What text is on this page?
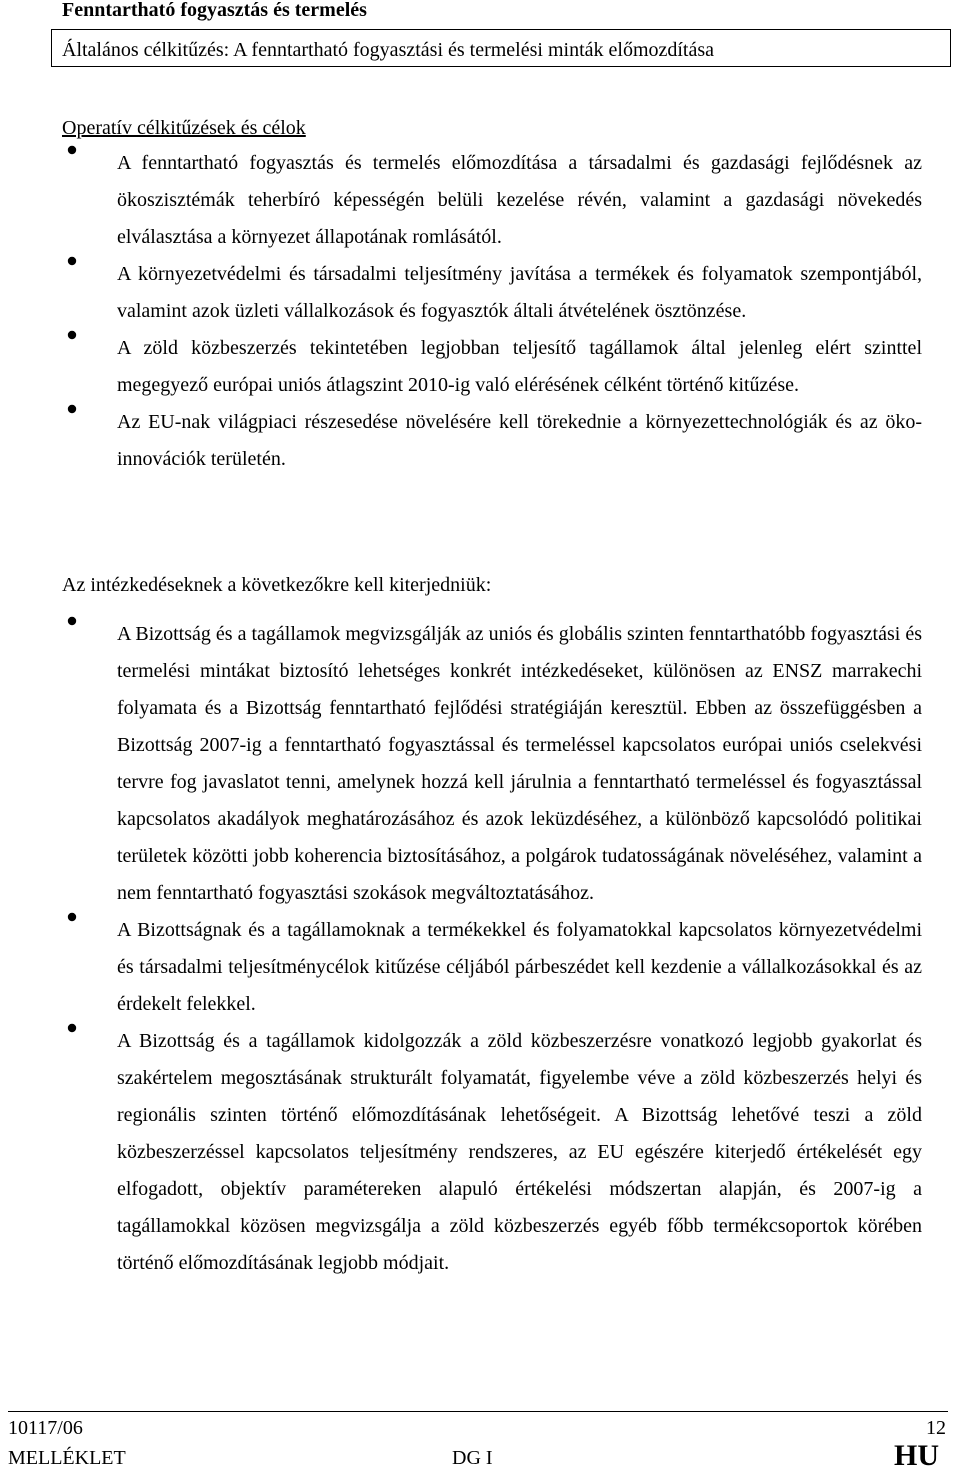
Fenntartható fogyasztás és termelés
Általános célkitűzés: A fenntartható fogyasztási és termelési minták előmozdítása
Operatív célkitűzések és célok
A fenntartható fogyasztás és termelés előmozdítása a társadalmi és gazdasági fejlődésnek az ökoszisztémák teherbíró képességén belüli kezelése révén, valamint a gazdasági növekedés elválasztása a környezet állapotának romlásától.
A környezetvédelmi és társadalmi teljesítmény javítása a termékek és folyamatok szempontjából, valamint azok üzleti vállalkozások és fogyasztók általi átvételének ösztönzése.
A zöld közbeszerzés tekintetében legjobban teljesítő tagállamok által jelenleg elért szinttel megegyező európai uniós átlagszint 2010-ig való elérésének célként történő kitűzése.
Az EU-nak világpiaci részesedése növelésére kell törekednie a környezettechnológiák és az öko-innovációk területén.
Az intézkedéseknek a következőkre kell kiterjedniük:
A Bizottság és a tagállamok megvizsgálják az uniós és globális szinten fenntarthatóbb fogyasztási és termelési mintákat biztosító lehetséges konkrét intézkedéseket, különösen az ENSZ marrakechi folyamata és a Bizottság fenntartható fejlődési stratégiáján keresztül. Ebben az összefüggésben a Bizottság 2007-ig a fenntartható fogyasztással és termeléssel kapcsolatos európai uniós cselekvési tervre fog javaslatot tenni, amelynek hozzá kell járulnia a fenntartható termeléssel és fogyasztással kapcsolatos akadályok meghatározásához és azok leküzdéséhez, a különböző kapcsolódó politikai területek közötti jobb koherencia biztosításához, a polgárok tudatosságának növeléséhez, valamint a nem fenntartható fogyasztási szokások megváltoztatásához.
A Bizottságnak és a tagállamoknak a termékekkel és folyamatokkal kapcsolatos környezetvédelmi és társadalmi teljesítménycélok kitűzése céljából párbeszédet kell kezdenie a vállalkozásokkal és az érdekelt felekkel.
A Bizottság és a tagállamok kidolgozzák a zöld közbeszerzésre vonatkozó legjobb gyakorlat és szakértelem megosztásának strukturált folyamatát, figyelembe véve a zöld közbeszerzés helyi és regionális szinten történő előmozdításának lehetőségeit. A Bizottság lehetővé teszi a zöld közbeszerzéssel kapcsolatos teljesítmény rendszeres, az EU egészére kiterjedő értékelését egy elfogadott, objektív paramétereken alapuló értékelési módszertan alapján, és 2007-ig a tagállamokkal közösen megvizsgálja a zöld közbeszerzés egyéb főbb termékcsoportok körében történő előmozdításának legjobb módjait.
10117/06	12
MELLÉKLET	DG I	HU
